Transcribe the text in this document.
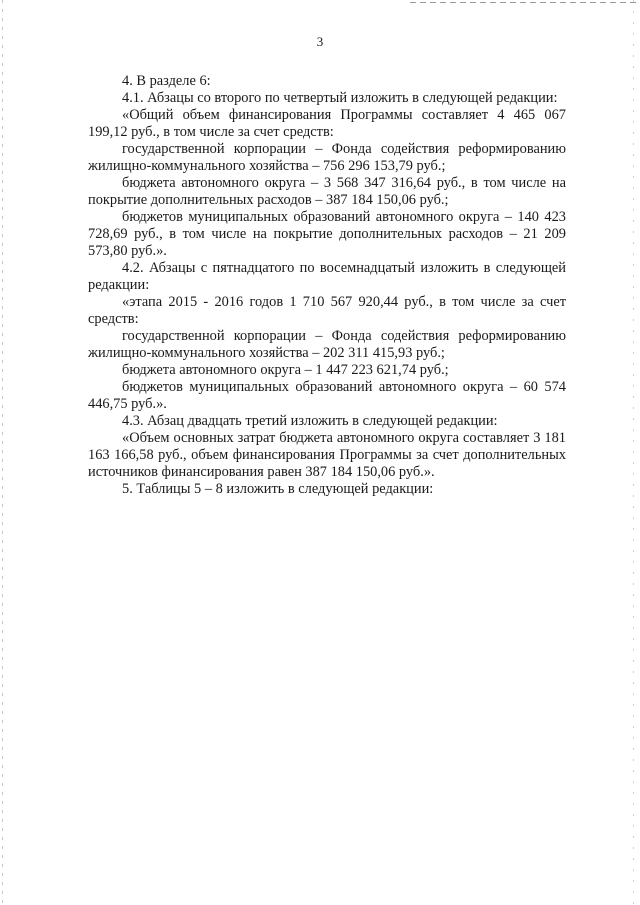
3

4. В разделе 6:

4.1. Абзацы со второго по четвертый изложить в следующей редакции:

«Общий объем финансирования Программы составляет 4 465 067 199,12 руб., в том числе за счет средств:

государственной корпорации – Фонда содействия реформированию жилищно-коммунального хозяйства – 756 296 153,79 руб.;

бюджета автономного округа – 3 568 347 316,64 руб., в том числе на покрытие дополнительных расходов – 387 184 150,06 руб.;

бюджетов муниципальных образований автономного округа – 140 423 728,69 руб., в том числе на покрытие дополнительных расходов – 21 209 573,80 руб.».

4.2. Абзацы с пятнадцатого по восемнадцатый изложить в следующей редакции:

«этапа 2015 - 2016 годов 1 710 567 920,44 руб., в том числе за счет средств:

государственной корпорации – Фонда содействия реформированию жилищно-коммунального хозяйства – 202 311 415,93 руб.;

бюджета автономного округа – 1 447 223 621,74 руб.;

бюджетов муниципальных образований автономного округа – 60 574 446,75 руб.».

4.3. Абзац двадцать третий изложить в следующей редакции:

«Объем основных затрат бюджета автономного округа составляет 3 181 163 166,58 руб., объем финансирования Программы за счет дополнительных источников финансирования равен 387 184 150,06 руб.».

5. Таблицы 5 – 8 изложить в следующей редакции:
